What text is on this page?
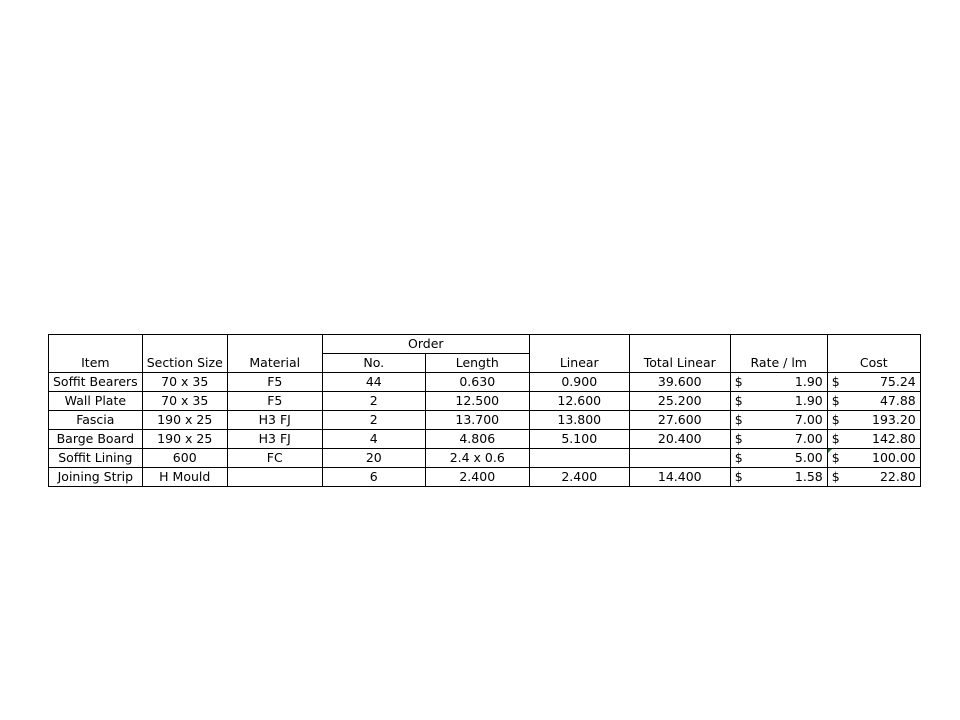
			Order					
Item	Section Size	Material	No.	Length	Linear	Total Linear	Rate / lm	Cost
Soffit Bearers	70 x 35	F5	44	0.630	0.900	39.600	$ 1.90	$ 75.24

Wall Plate	70 x 35	F5	2	12.500	12.600	25.200	$ 1.90	$ 47.88

Fascia	190 x 25	H3 FJ	2	13.700	13.800	27.600	$ 7.00	$ 193.20

Barge Board	190 x 25	H3 FJ	4	4.806	5.100	20.400	$ 7.00	$ 142.80

Soffit Lining	600	FC	20	2.4 x 0.6			$ 5.00	$ 100.00

Joining Strip	H Mould		6	2.400	2.400	14.400	$ 1.58	$ 22.80
